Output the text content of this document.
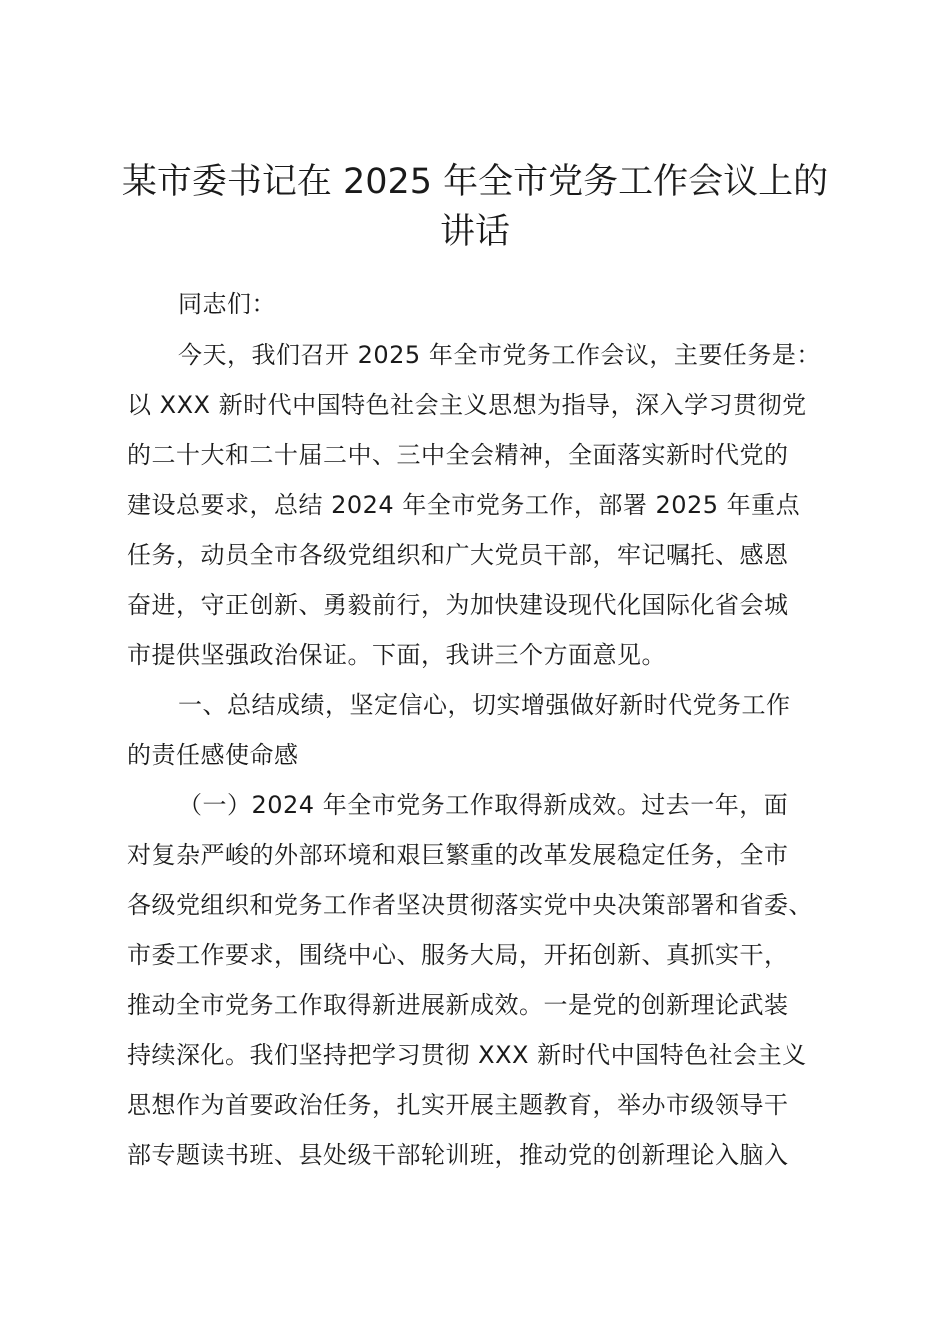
某市委书记在 2025 年全市党务工作会议上的
讲话

同志们：

今天，我们召开 2025 年全市党务工作会议，主要任务是：

以 XXX 新时代中国特色社会主义思想为指导，深入学习贯彻党

的二十大和二十届二中、三中全会精神，全面落实新时代党的

建设总要求，总结 2024 年全市党务工作，部署 2025 年重点

任务，动员全市各级党组织和广大党员干部，牢记嘱托、感恩

奋进，守正创新、勇毅前行，为加快建设现代化国际化省会城

市提供坚强政治保证。下面，我讲三个方面意见。

一、总结成绩，坚定信心，切实增强做好新时代党务工作

的责任感使命感

（一）2024 年全市党务工作取得新成效。过去一年，面

对复杂严峻的外部环境和艰巨繁重的改革发展稳定任务，全市

各级党组织和党务工作者坚决贯彻落实党中央决策部署和省委、

市委工作要求，围绕中心、服务大局，开拓创新、真抓实干，

推动全市党务工作取得新进展新成效。一是党的创新理论武装

持续深化。我们坚持把学习贯彻 XXX 新时代中国特色社会主义

思想作为首要政治任务，扎实开展主题教育，举办市级领导干

部专题读书班、县处级干部轮训班，推动党的创新理论入脑入
